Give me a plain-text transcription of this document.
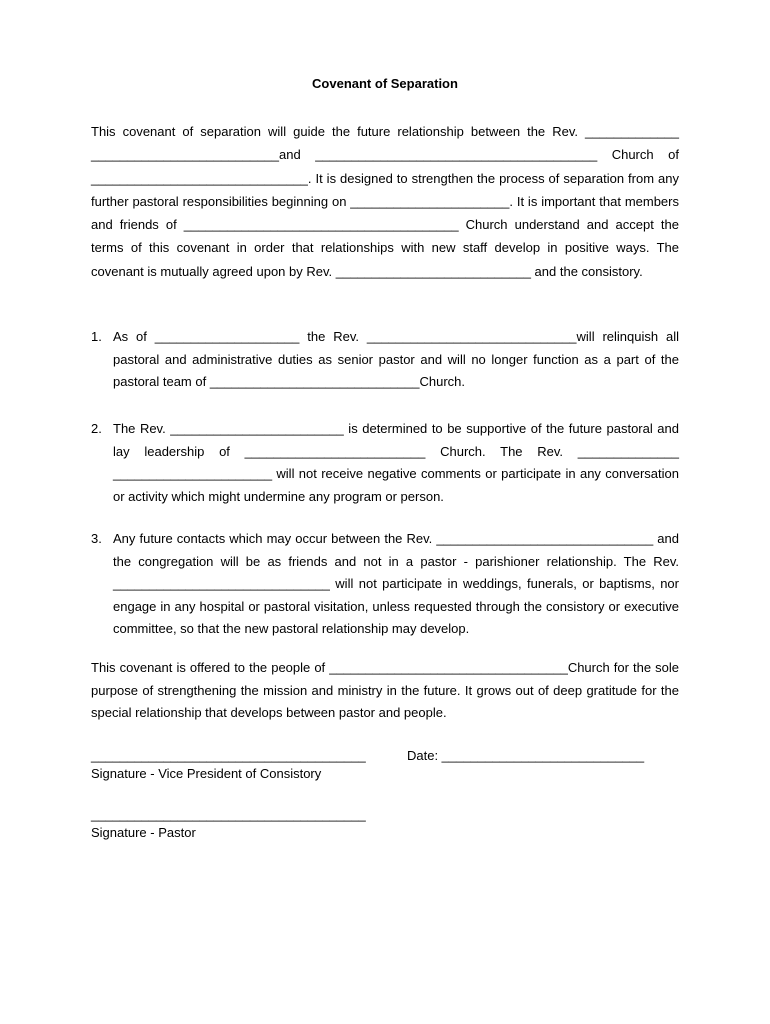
Covenant of Separation

This covenant of separation will guide the future relationship between the Rev. _____________ __________________________and _______________________________________ Church of ______________________________. It is designed to strengthen the process of separation from any further pastoral responsibilities beginning on ______________________. It is important that members and friends of ______________________________________ Church understand and accept the terms of this covenant in order that relationships with new staff develop in positive ways. The covenant is mutually agreed upon by Rev. ___________________________ and the consistory.

1. As of ____________________ the Rev. _____________________________will relinquish all pastoral and administrative duties as senior pastor and will no longer function as a part of the pastoral team of _____________________________Church.

2. The Rev. ________________________ is determined to be supportive of the future pastoral and lay leadership of _________________________ Church. The Rev. ______________ ______________________ will not receive negative comments or participate in any conversation or activity which might undermine any program or person.

3. Any future contacts which may occur between the Rev. ______________________________ and the congregation will be as friends and not in a pastor - parishioner relationship. The Rev. ______________________________ will not participate in weddings, funerals, or baptisms, nor engage in any hospital or pastoral visitation, unless requested through the consistory or executive committee, so that the new pastoral relationship may develop.

This covenant is offered to the people of _________________________________Church for the sole purpose of strengthening the mission and ministry in the future. It grows out of deep gratitude for the special relationship that develops between pastor and people.

______________________________________	Date: ____________________________
Signature - Vice President of Consistory
______________________________________
Signature - Pastor
